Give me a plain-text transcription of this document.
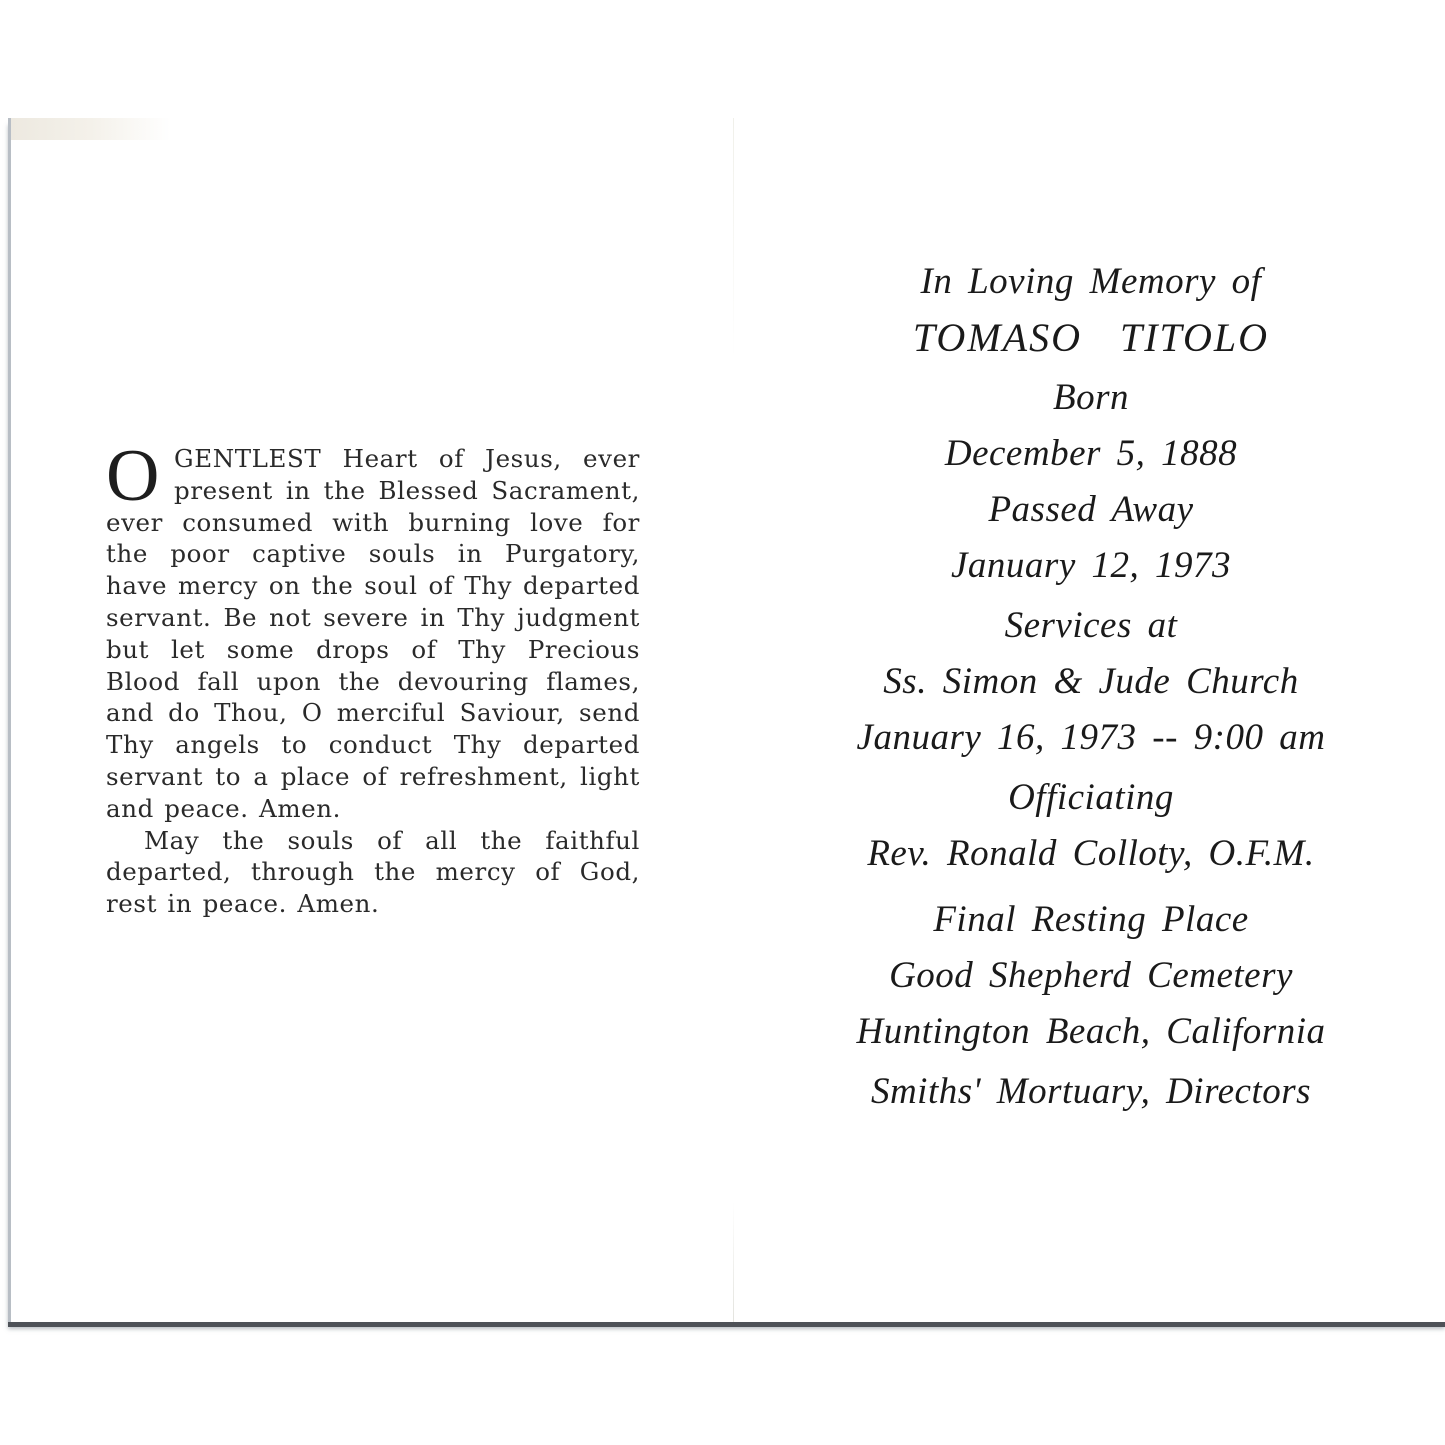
O GENTLEST Heart of Jesus, ever present in the Blessed Sacrament, ever consumed with burning love for the poor captive souls in Purgatory, have mercy on the soul of Thy departed servant. Be not severe in Thy judgment but let some drops of Thy Precious Blood fall upon the devouring flames, and do Thou, O merciful Saviour, send Thy angels to conduct Thy departed servant to a place of refreshment, light and peace. Amen.

May the souls of all the faithful departed, through the mercy of God, rest in peace. Amen.

In Loving Memory of
TOMASO TITOLO
Born
December 5, 1888
Passed Away
January 12, 1973
Services at
Ss. Simon & Jude Church
January 16, 1973 -- 9:00 am
Officiating
Rev. Ronald Colloty, O.F.M.
Final Resting Place
Good Shepherd Cemetery
Huntington Beach, California
Smiths' Mortuary, Directors
